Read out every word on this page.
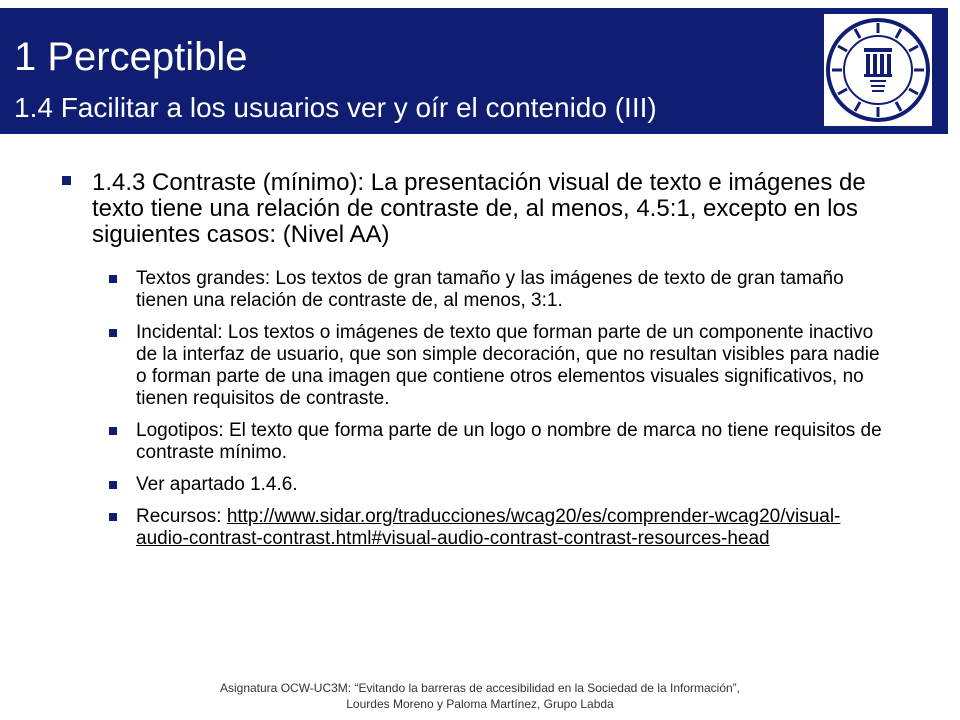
1 Perceptible
1.4 Facilitar a los usuarios ver y oír el contenido (III)
1.4.3 Contraste (mínimo): La presentación visual de texto e imágenes de texto tiene una relación de contraste de, al menos, 4.5:1, excepto en los siguientes casos: (Nivel AA)
Textos grandes: Los textos de gran tamaño y las imágenes de texto de gran tamaño tienen una relación de contraste de, al menos, 3:1.
Incidental: Los textos o imágenes de texto que forman parte de un componente inactivo de la interfaz de usuario, que son simple decoración, que no resultan visibles para nadie o forman parte de una imagen que contiene otros elementos visuales significativos, no tienen requisitos de contraste.
Logotipos: El texto que forma parte de un logo o nombre de marca no tiene requisitos de contraste mínimo.
Ver apartado 1.4.6.
Recursos: http://www.sidar.org/traducciones/wcag20/es/comprender-wcag20/visual-audio-contrast-contrast.html#visual-audio-contrast-contrast-resources-head
Asignatura OCW-UC3M: “Evitando la barreras de accesibilidad en la Sociedad de la Información”,
Lourdes Moreno y Paloma Martínez, Grupo Labda
